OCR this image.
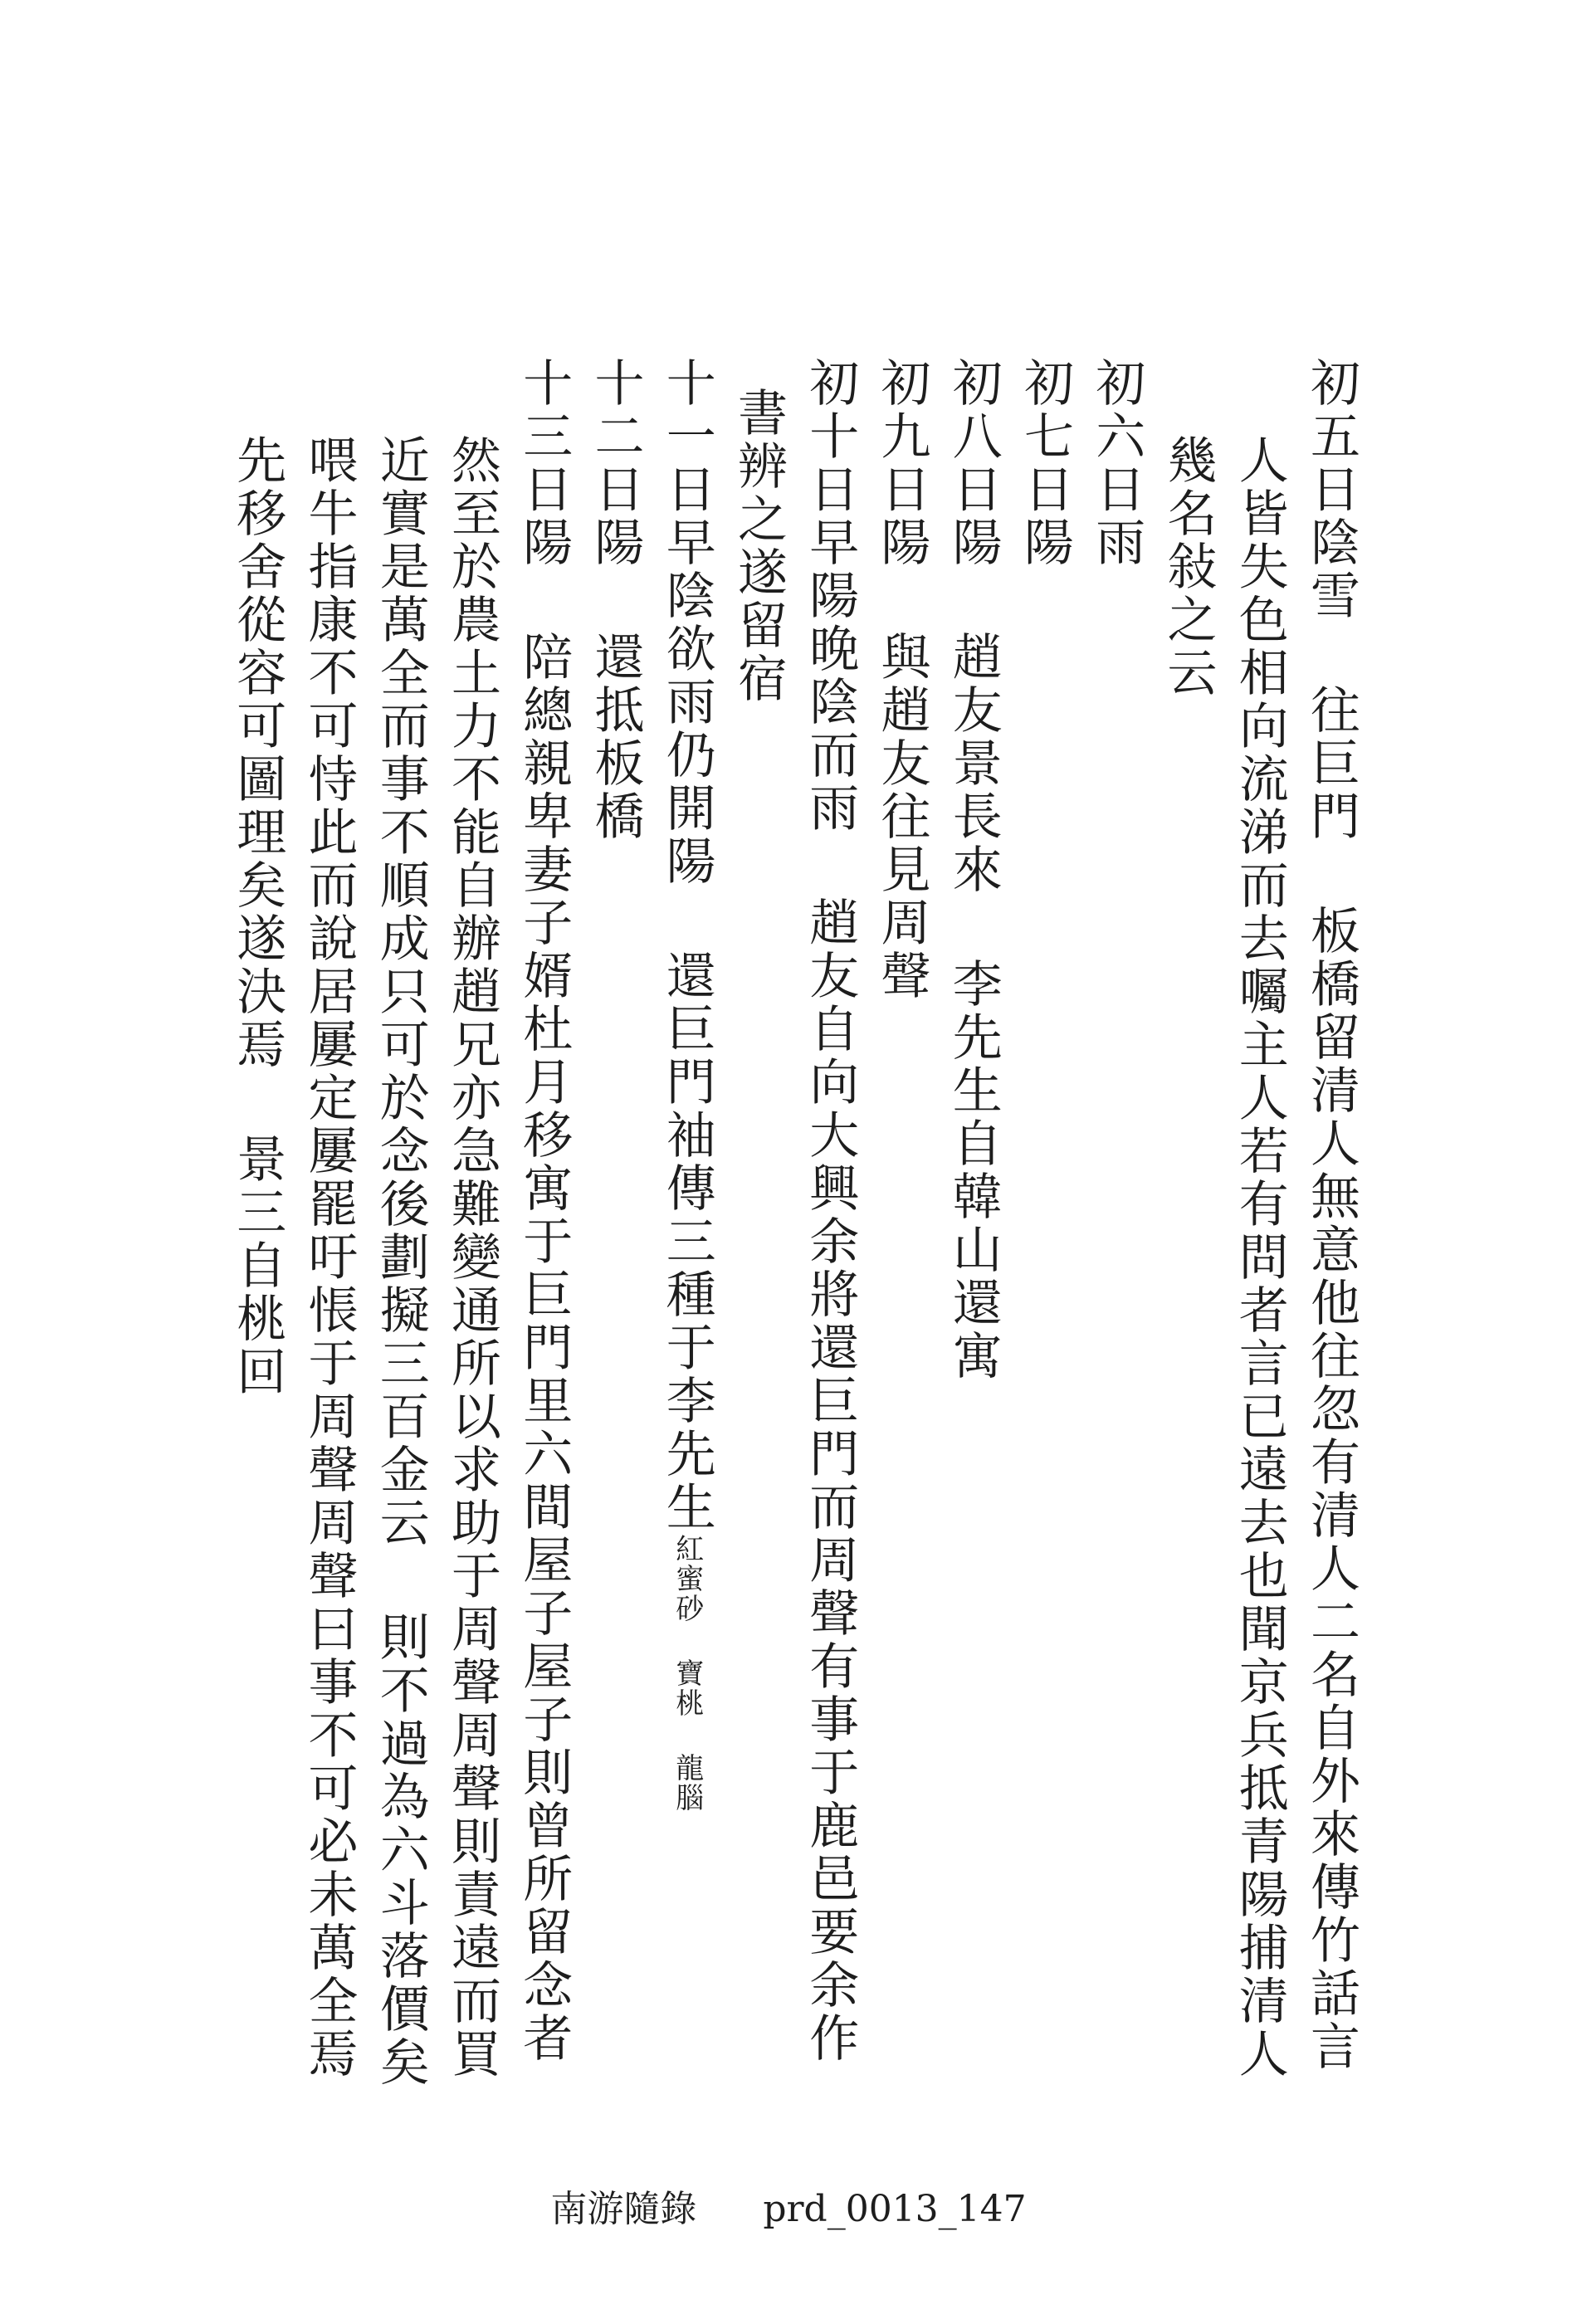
初五日陰雪 往巨門 板橋留清人無意他往忽有清人二名自外來傳竹話言
人皆失色相向流涕而去囑主人若有問者言已遠去也聞京兵抵青陽捕清人
幾名敍之云
初六日雨
初七日陽
初八日陽 趙友景長來 李先生自韓山還寓
初九日陽 與趙友往見周聲
初十日早陽晚陰而雨 趙友自向大興余將還巨門而周聲有事于鹿邑要余作
書辨之遂留宿
十一日早陰欲雨仍開陽 還巨門袖傳三種于李先生紅蜜砂 寶桃 龍腦
十二日陽 還抵板橋
十三日陽 陪總親卑妻子婿杜月移寓于巨門里六間屋子屋子則曾所留念者
然至於農土力不能自辦趙兄亦急難變通所以求助于周聲周聲則責遠而買
近實是萬全而事不順成只可於念後劃擬三百金云 則不過為六斗落價矣
喂牛指康不可恃此而說居屢定屢罷吁悵于周聲周聲曰事不可必未萬全焉
先移舍從容可圖理矣遂決焉 景三自桃回
南游隨錄 prd_0013_147
